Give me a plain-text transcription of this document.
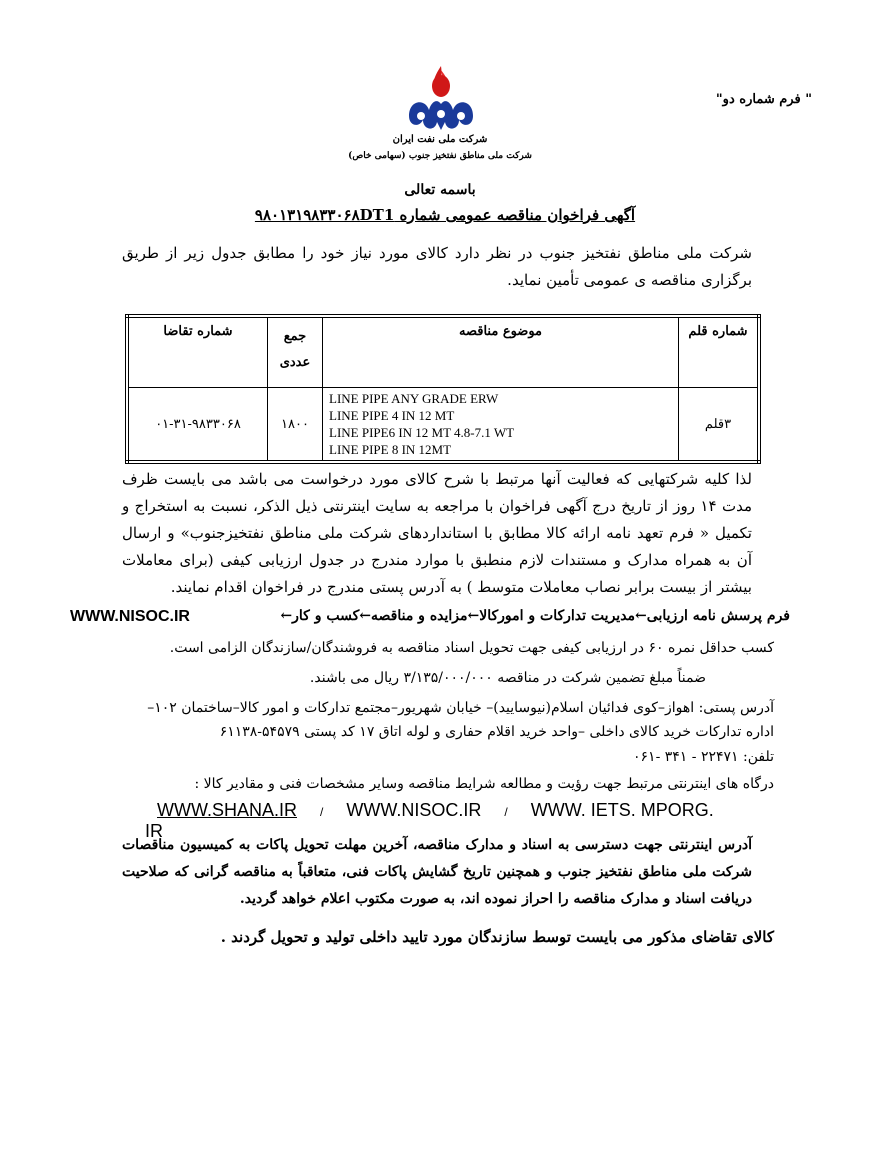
" فرم شماره دو"
شرکت ملی نفت ایران
شرکت ملی مناطق نفتخیز جنوب (سهامی خاص)
باسمه تعالی
آگهی فراخوان مناقصه عمومی شماره ۹۸۰۱۳۱۹۸۳۳۰۶۸DT1
شرکت ملی مناطق نفتخیز جنوب در نظر دارد کالای مورد نیاز خود را مطابق جدول زیر از طریق برگزاری مناقصه ی عمومی تأمین نماید.
شماره قلم	موضوع مناقصه	جمع عددی	شماره تقاضا
۳قلم	LINE PIPE ANY GRADE ERW
LINE PIPE 4 IN 12 MT
LINE PIPE6 IN 12 MT 4.8-7.1 WT
LINE PIPE 8 IN 12MT	۱۸۰۰	۰۱-۳۱-۹۸۳۳۰۶۸
لذا کلیه شرکتهایی که فعالیت آنها مرتبط با شرح کالای مورد درخواست می باشد می بایست ظرف مدت ۱۴ روز از تاریخ درج آگهی فراخوان با مراجعه به سایت اینترنتی ذیل الذکر، نسبت به استخراج و تکمیل « فرم تعهد نامه ارائه کالا مطابق با استانداردهای شرکت ملی مناطق نفتخیزجنوب» و ارسال آن به همراه مدارک و مستندات لازم منطبق با موارد مندرج در جدول ارزیابی کیفی (برای معاملات بیشتر از بیست برابر نصاب معاملات متوسط ) به آدرس پستی مندرج در فراخوان اقدام نمایند.
WWW.NISOC.IR	فرم پرسش نامه ارزیابی←مدیریت تدارکات و امورکالا←مزایده و مناقصه←کسب و کار←
کسب حداقل نمره ۶۰ در ارزیابی کیفی جهت تحویل اسناد مناقصه به فروشندگان/سازندگان الزامی است.
ضمناً مبلغ تضمین شرکت در مناقصه ۳/۱۳۵/۰۰۰/۰۰۰ ریال می باشند.
آدرس پستی: اهواز–کوی فدائیان اسلام(نیوسایید)– خیابان شهریور–مجتمع تدارکات و امور کالا–ساختمان ۱۰۲–
اداره تدارکات خرید کالای داخلی –واحد خرید اقلام حفاری و لوله اتاق ۱۷ کد پستی ۵۴۵۷۹-۶۱۱۳۸
تلفن: ۲۲۴۷۱ - ۳۴۱ -۰۶۱
درگاه های اینترنتی مرتبط جهت رؤیت و مطالعه شرایط مناقصه وسایر مشخصات فنی و مقادیر کالا :
WWW.SHANA.IR / WWW.NISOC.IR / WWW. IETS. MPORG. IR
آدرس اینترنتی جهت دسترسی به اسناد و مدارک مناقصه، آخرین مهلت تحویل پاکات به کمیسیون مناقصات شرکت ملی مناطق نفتخیز جنوب و همچنین تاریخ گشایش پاکات فنی، متعاقباً به مناقصه گرانی که صلاحیت دریافت اسناد و مدارک مناقصه را احراز نموده اند، به صورت مکتوب اعلام خواهد گردید.
کالای تقاضای مذکور می بایست توسط سازندگان مورد تایید داخلی تولید و تحویل گردند .
